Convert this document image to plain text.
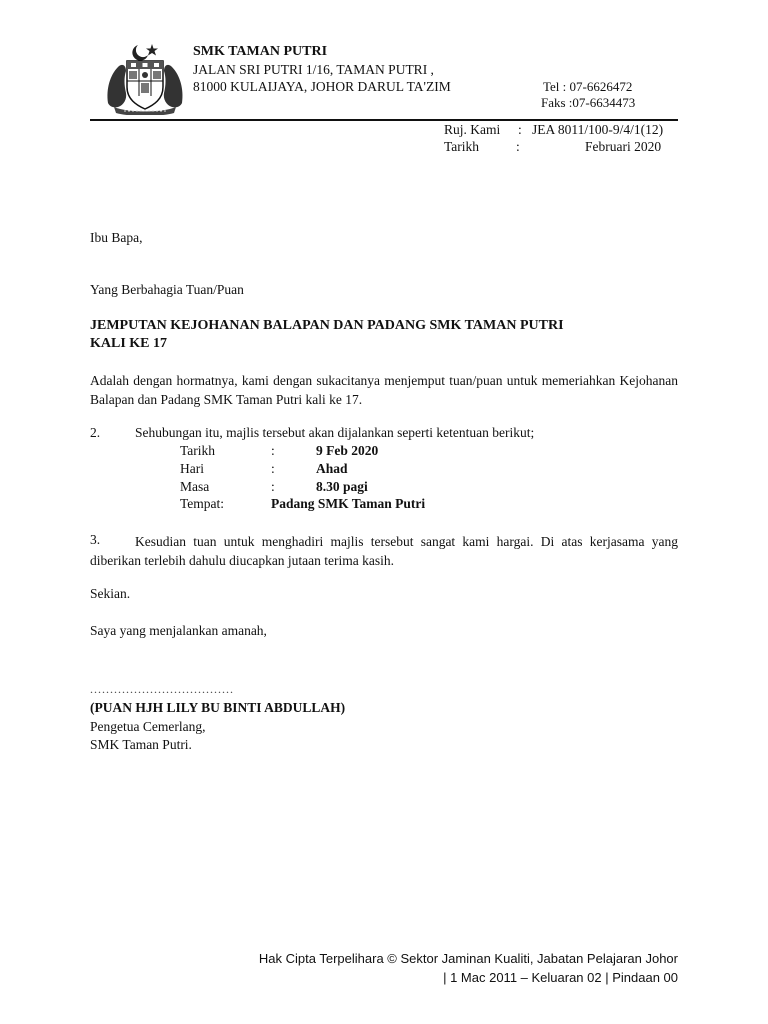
SMK TAMAN PUTRI
JALAN SRI PUTRI 1/16, TAMAN PUTRI ,
81000 KULAIJAYA, JOHOR DARUL TA'ZIM	Tel : 07-6626472
Faks :07-6634473
Ruj. Kami : JEA 8011/100-9/4/1(12)
Tarikh	:	Februari 2020
Ibu Bapa,
Yang Berbahagia Tuan/Puan
JEMPUTAN KEJOHANAN BALAPAN DAN PADANG SMK TAMAN PUTRI
KALI KE 17
Adalah dengan hormatnya, kami dengan sukacitanya menjemput tuan/puan untuk memeriahkan Kejohanan Balapan dan Padang SMK Taman Putri kali ke 17.
2.	Sehubungan itu, majlis tersebut akan dijalankan seperti ketentuan berikut;
Tarikh	:	9 Feb 2020
Hari	:	Ahad
Masa	:	8.30 pagi
Tempat:	Padang SMK Taman Putri
3.	Kesudian tuan untuk menghadiri majlis tersebut sangat kami hargai. Di atas kerjasama yang diberikan terlebih dahulu diucapkan jutaan terima kasih.
Sekian.
Saya yang menjalankan amanah,
....................................
(PUAN HJH LILY BU BINTI ABDULLAH)
Pengetua Cemerlang,
SMK Taman Putri.
Hak Cipta Terpelihara © Sektor Jaminan Kualiti, Jabatan Pelajaran Johor
| 1 Mac 2011 – Keluaran 02 | Pindaan 00
